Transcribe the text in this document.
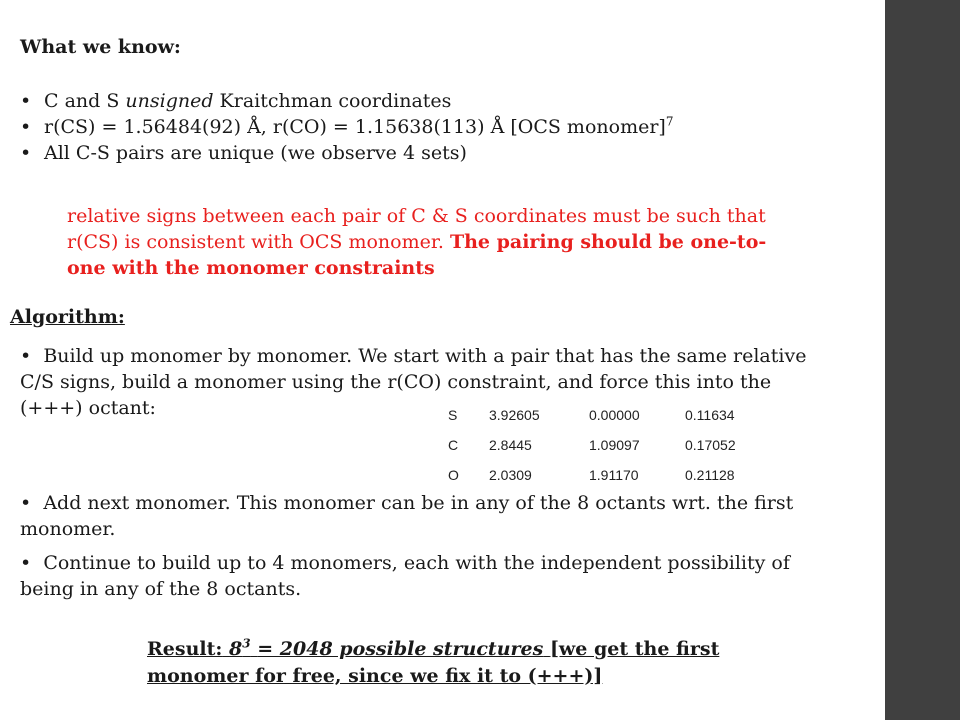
What we know:
• C and S unsigned Kraitchman coordinates
• r(CS) = 1.56484(92) Å, r(CO) = 1.15638(113) Å [OCS monomer]$^7$
• All C-S pairs are unique (we observe 4 sets)
relative signs between each pair of C & S coordinates must be such that r(CS) is consistent with OCS monomer. The pairing should be one-to-one with the monomer constraints
Algorithm:
• Build up monomer by monomer. We start with a pair that has the same relative C/S signs, build a monomer using the r(CO) constraint, and force this into the (+++) octant:	S	3.92605	0.00000	0.11634
C	2.8445	1.09097	0.17052
O	2.0309	1.91170	0.21128
• Add next monomer. This monomer can be in any of the 8 octants wrt. the first monomer.
• Continue to build up to 4 monomers, each with the independent possibility of being in any of the 8 octants.
Result: $8^3 = 2048$ possible structures [we get the first monomer for free, since we fix it to (+++)]
